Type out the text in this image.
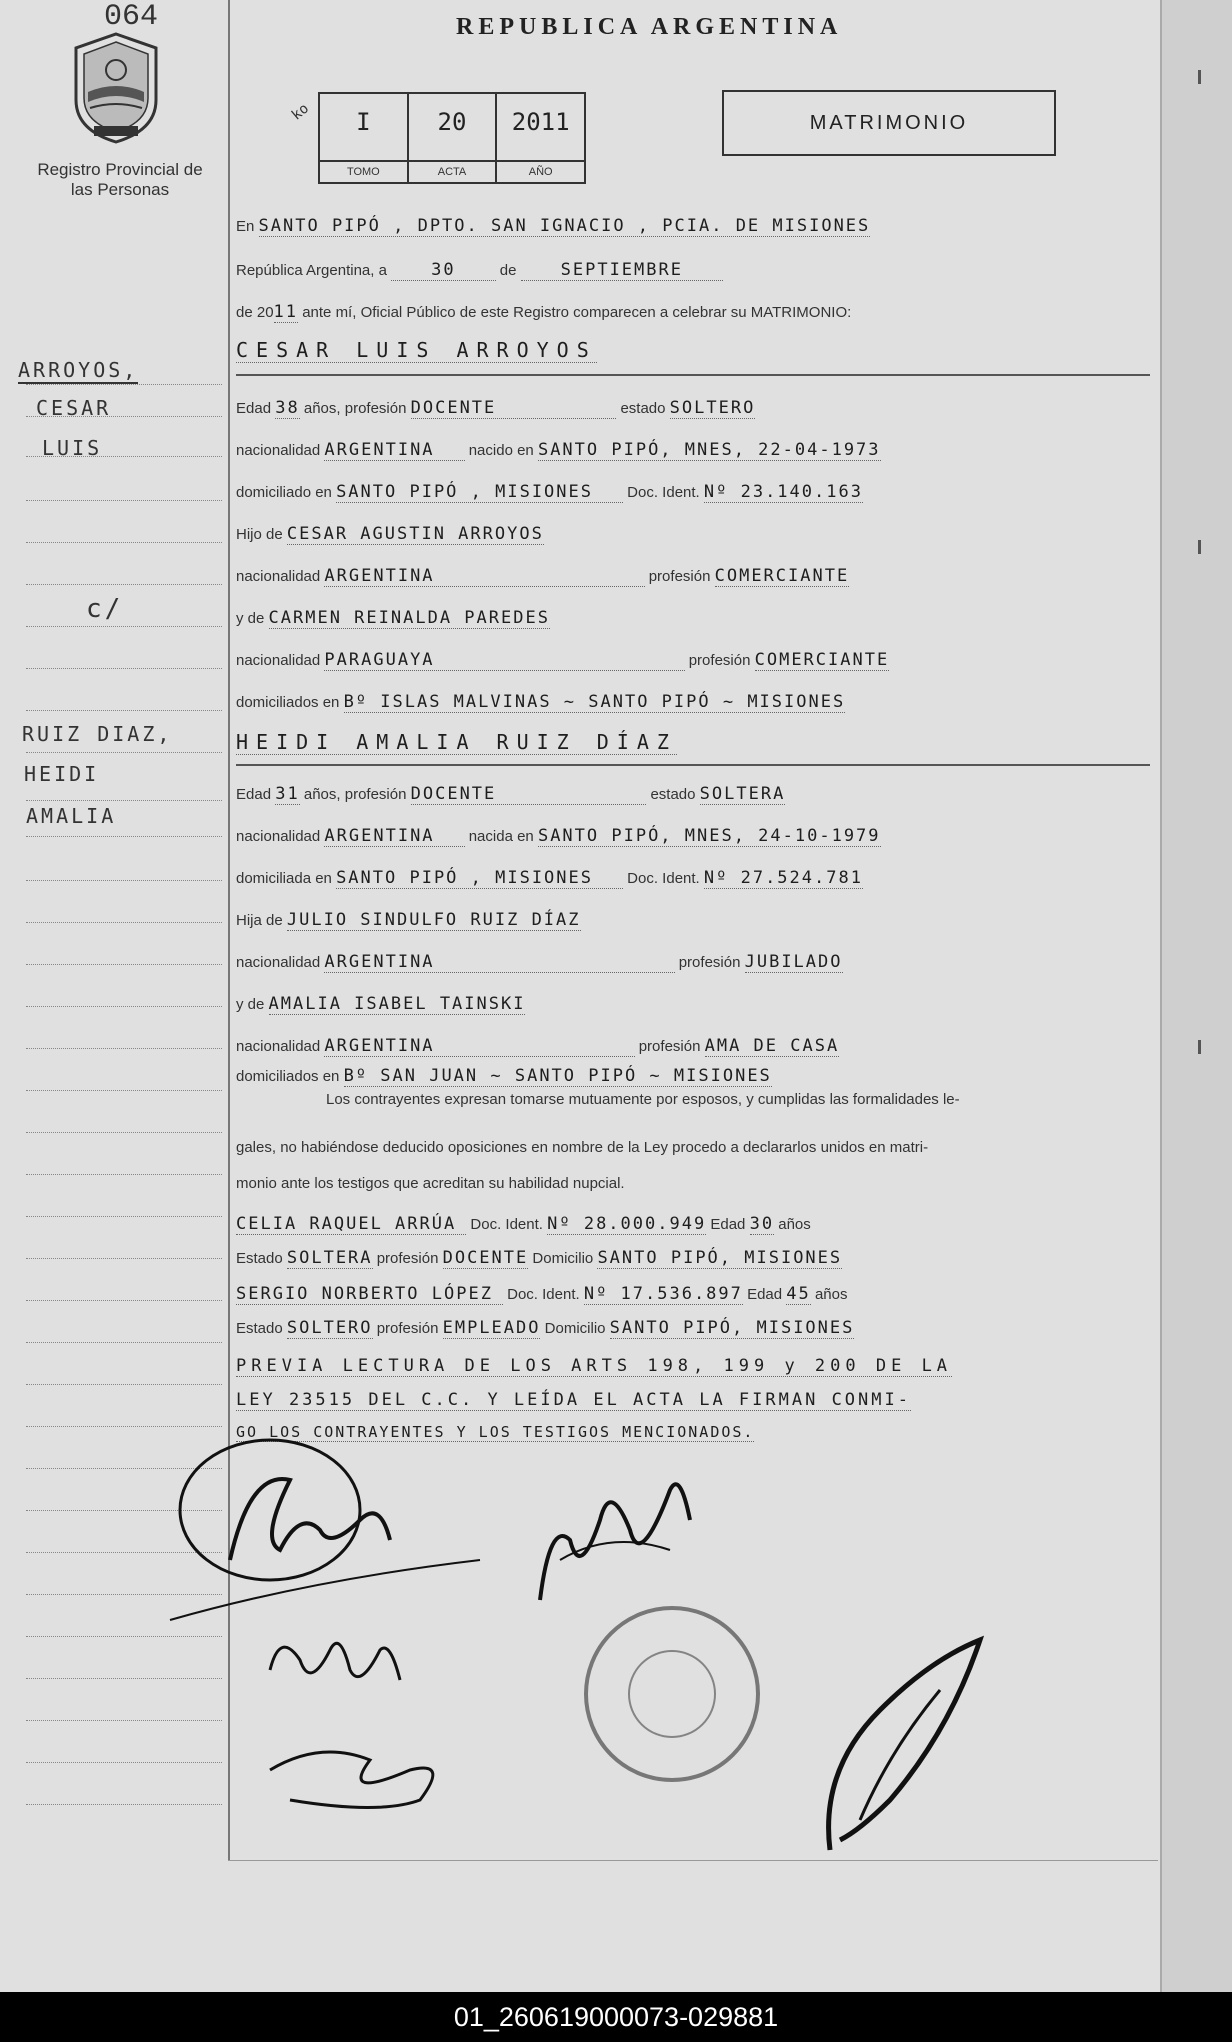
064
Registro Provincial de las Personas
ARROYOS,
CESAR
LUIS
c/
RUIZ DIAZ,
HEIDI
AMALIA
REPUBLICA ARGENTINA
ko	I
TOMO
20
ACTA
2011
AÑO
MATRIMONIO
En SANTO PIPÓ , DPTO. SAN IGNACIO , PCIA. DE MISIONES
República Argentina, a	30	de	SEPTIEMBRE
de 2011 ante mí, Oficial Público de este Registro comparecen a celebrar su MATRIMONIO:
CESAR LUIS ARROYOS
Edad 38 años, profesión DOCENTE	estado SOLTERO
nacionalidad ARGENTINA nacido en SANTO PIPÓ, MNES, 22-04-1973
domiciliado en SANTO PIPÓ , MISIONES Doc. Ident. Nº 23.140.163
Hijo de CESAR AGUSTIN ARROYOS
nacionalidad ARGENTINA	profesión COMERCIANTE
y de CARMEN REINALDA PAREDES
nacionalidad PARAGUAYA	profesión COMERCIANTE
domiciliados en Bº ISLAS MALVINAS ~ SANTO PIPÓ ~ MISIONES
HEIDI AMALIA RUIZ DÍAZ
Edad 31 años, profesión DOCENTE	estado SOLTERA
nacionalidad ARGENTINA nacida en SANTO PIPÓ, MNES, 24-10-1979
domiciliada en SANTO PIPÓ , MISIONES Doc. Ident. Nº 27.524.781
Hija de JULIO SINDULFO RUIZ DÍAZ
nacionalidad ARGENTINA	profesión JUBILADO
y de AMALIA ISABEL TAINSKI
nacionalidad ARGENTINA	profesión AMA DE CASA
domiciliados en Bº SAN JUAN ~ SANTO PIPÓ ~ MISIONES
Los contrayentes expresan tomarse mutuamente por esposos, y cumplidas las formalidades le-
gales, no habiéndose deducido oposiciones en nombre de la Ley procedo a declararlos unidos en matri-
monio ante los testigos que acreditan su habilidad nupcial.
CELIA RAQUEL ARRÚA Doc. Ident. Nº 28.000.949 Edad 30 años
Estado SOLTERA profesión DOCENTE Domicilio SANTO PIPÓ, MISIONES
SERGIO NORBERTO LÓPEZ Doc. Ident. Nº 17.536.897 Edad 45 años
Estado SOLTERO profesión EMPLEADO Domicilio SANTO PIPÓ, MISIONES
PREVIA LECTURA DE LOS ARTS 198, 199 y 200 DE LA
LEY 23515 DEL C.C. Y LEÍDA EL ACTA LA FIRMAN CONMI-
GO LOS CONTRAYENTES Y LOS TESTIGOS MENCIONADOS.
01_260619000073-029881
